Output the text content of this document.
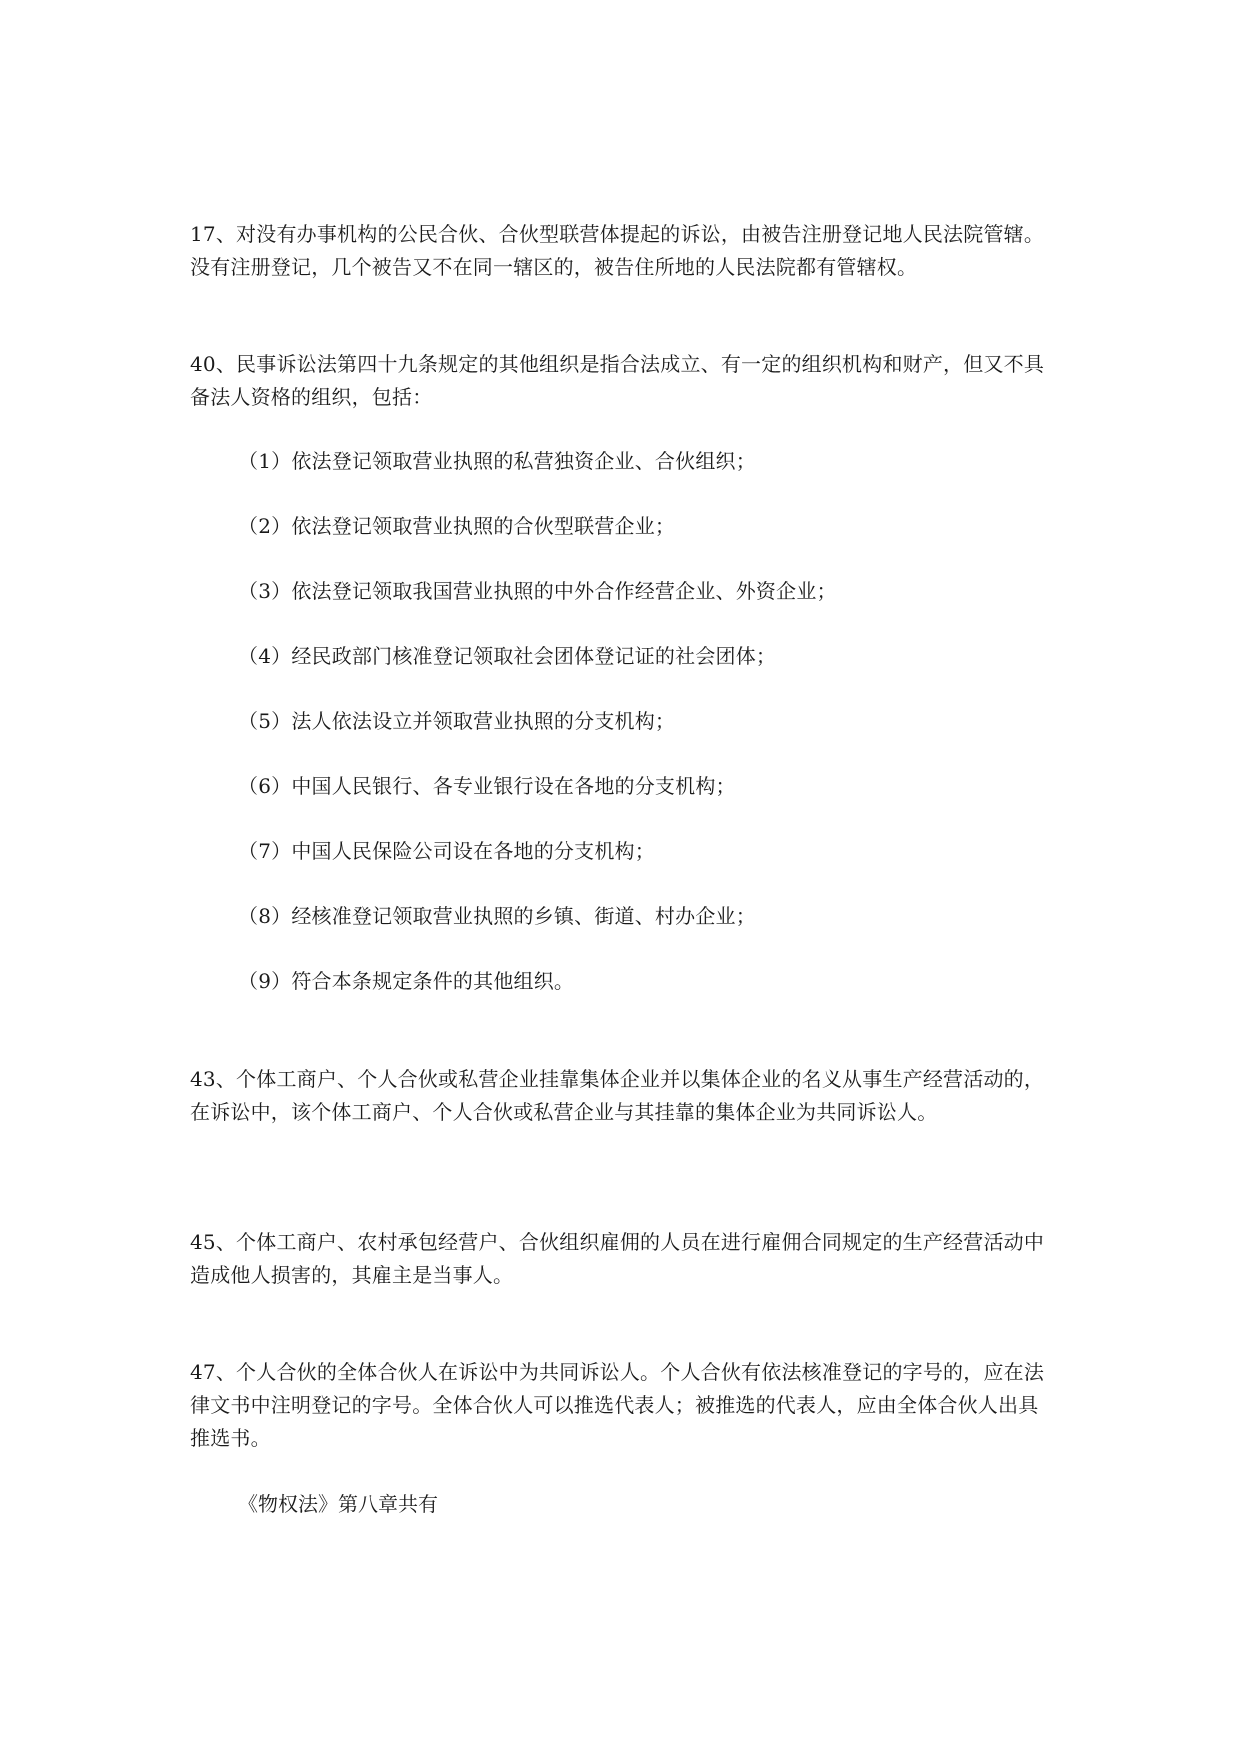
17、对没有办事机构的公民合伙、合伙型联营体提起的诉讼，由被告注册登记地人民法院管辖。没有注册登记，几个被告又不在同一辖区的，被告住所地的人民法院都有管辖权。

40、民事诉讼法第四十九条规定的其他组织是指合法成立、有一定的组织机构和财产，但又不具备法人资格的组织，包括：

（1）依法登记领取营业执照的私营独资企业、合伙组织；

（2）依法登记领取营业执照的合伙型联营企业；

（3）依法登记领取我国营业执照的中外合作经营企业、外资企业；

（4）经民政部门核准登记领取社会团体登记证的社会团体；

（5）法人依法设立并领取营业执照的分支机构；

（6）中国人民银行、各专业银行设在各地的分支机构；

（7）中国人民保险公司设在各地的分支机构；

（8）经核准登记领取营业执照的乡镇、街道、村办企业；

（9）符合本条规定条件的其他组织。

43、个体工商户、个人合伙或私营企业挂靠集体企业并以集体企业的名义从事生产经营活动的，在诉讼中，该个体工商户、个人合伙或私营企业与其挂靠的集体企业为共同诉讼人。

45、个体工商户、农村承包经营户、合伙组织雇佣的人员在进行雇佣合同规定的生产经营活动中造成他人损害的，其雇主是当事人。

47、个人合伙的全体合伙人在诉讼中为共同诉讼人。个人合伙有依法核准登记的字号的，应在法律文书中注明登记的字号。全体合伙人可以推选代表人；被推选的代表人，应由全体合伙人出具推选书。

《物权法》第八章共有
